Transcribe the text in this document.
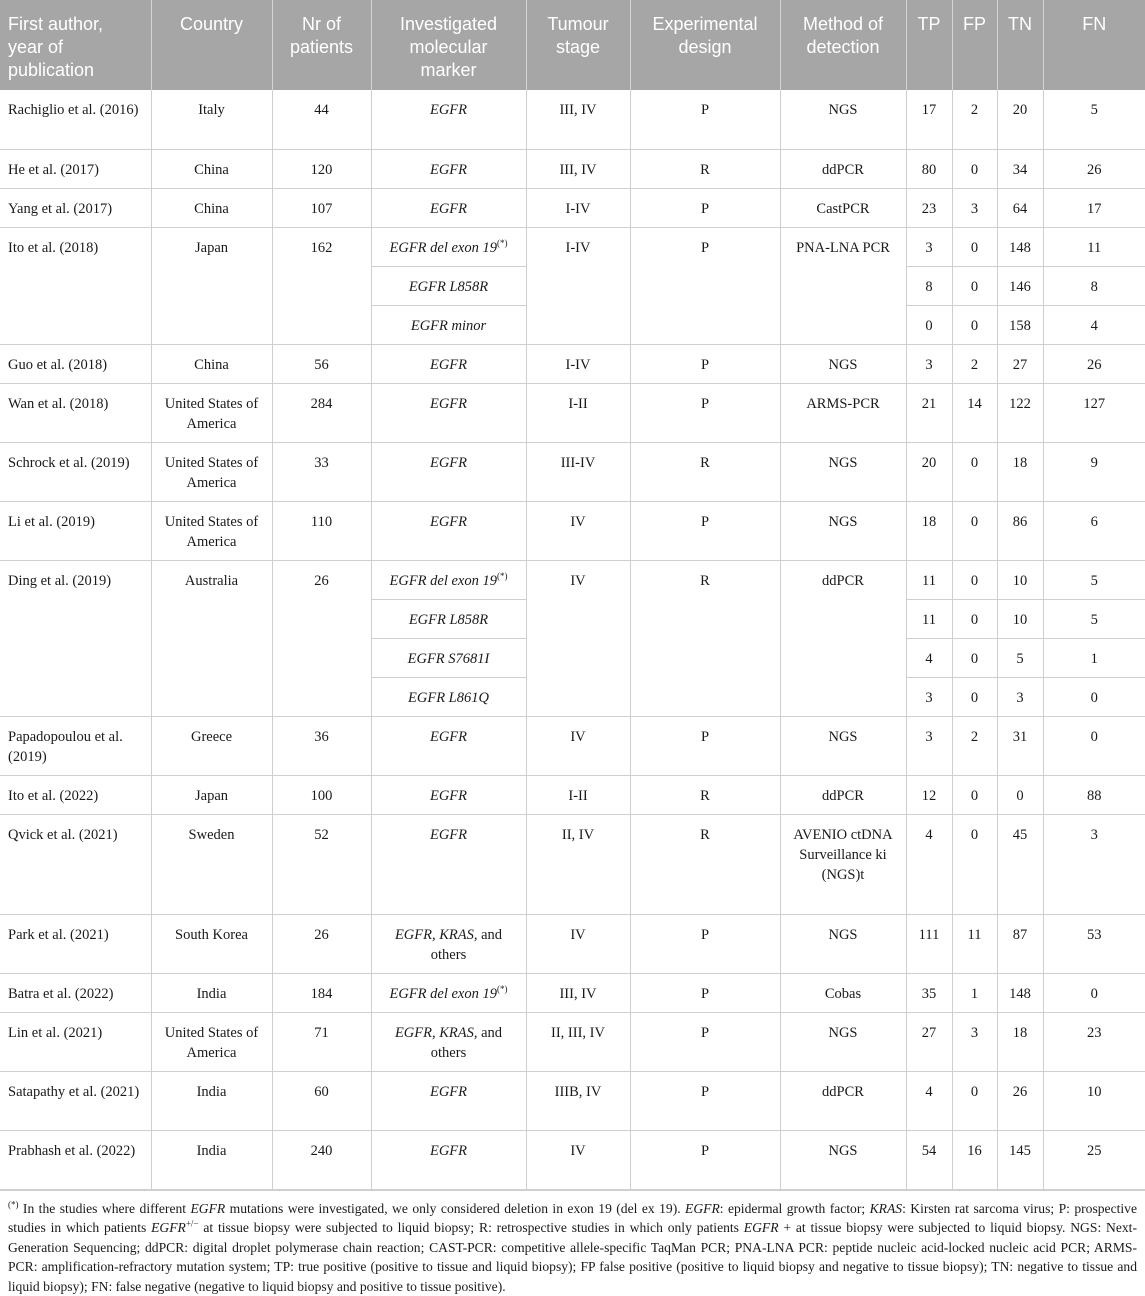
First author, year of publication	Country	Nr of patients	Investigated molecular marker	Tumour stage	Experimental design	Method of detection	TP	FP	TN	FN
Rachiglio et al. (2016)	Italy	44	EGFR	III, IV	P	NGS	17	2	20	5
He et al. (2017)	China	120	EGFR	III, IV	R	ddPCR	80	0	34	26
Yang et al. (2017)	China	107	EGFR	I-IV	P	CastPCR	23	3	64	17
Ito et al. (2018)	Japan	162	EGFR del exon 19(*)	I-IV	P	PNA-LNA PCR	3	0	148	11
			EGFR L858R				8	0	146	8
			EGFR minor				0	0	158	4
Guo et al. (2018)	China	56	EGFR	I-IV	P	NGS	3	2	27	26
Wan et al. (2018)	United States of America	284	EGFR	I-II	P	ARMS-PCR	21	14	122	127
Schrock et al. (2019)	United States of America	33	EGFR	III-IV	R	NGS	20	0	18	9
Li et al. (2019)	United States of America	110	EGFR	IV	P	NGS	18	0	86	6
Ding et al. (2019)	Australia	26	EGFR del exon 19(*)	IV	R	ddPCR	11	0	10	5
			EGFR L858R				11	0	10	5
			EGFR S7681I				4	0	5	1
			EGFR L861Q				3	0	3	0
Papadopoulou et al. (2019)	Greece	36	EGFR	IV	P	NGS	3	2	31	0
Ito et al. (2022)	Japan	100	EGFR	I-II	R	ddPCR	12	0	0	88
Qvick et al. (2021)	Sweden	52	EGFR	II, IV	R	AVENIO ctDNA Surveillance ki (NGS)t	4	0	45	3
Park et al. (2021)	South Korea	26	EGFR, KRAS, and others	IV	P	NGS	111	11	87	53
Batra et al. (2022)	India	184	EGFR del exon 19(*)	III, IV	P	Cobas	35	1	148	0
Lin et al. (2021)	United States of America	71	EGFR, KRAS, and others	II, III, IV	P	NGS	27	3	18	23
Satapathy et al. (2021)	India	60	EGFR	IIIB, IV	P	ddPCR	4	0	26	10
Prabhash et al. (2022)	India	240	EGFR	IV	P	NGS	54	16	145	25
(*) In the studies where different EGFR mutations were investigated, we only considered deletion in exon 19 (del ex 19). EGFR: epidermal growth factor; KRAS: Kirsten rat sarcoma virus; P: prospective studies in which patients EGFR+/− at tissue biopsy were subjected to liquid biopsy; R: retrospective studies in which only patients EGFR + at tissue biopsy were subjected to liquid biopsy. NGS: Next-Generation Sequencing; ddPCR: digital droplet polymerase chain reaction; CAST-PCR: competitive allele-specific TaqMan PCR; PNA-LNA PCR: peptide nucleic acid-locked nucleic acid PCR; ARMS-PCR: amplification-refractory mutation system; TP: true positive (positive to tissue and liquid biopsy); FP false positive (positive to liquid biopsy and negative to tissue biopsy); TN: negative to tissue and liquid biopsy); FN: false negative (negative to liquid biopsy and positive to tissue positive).
